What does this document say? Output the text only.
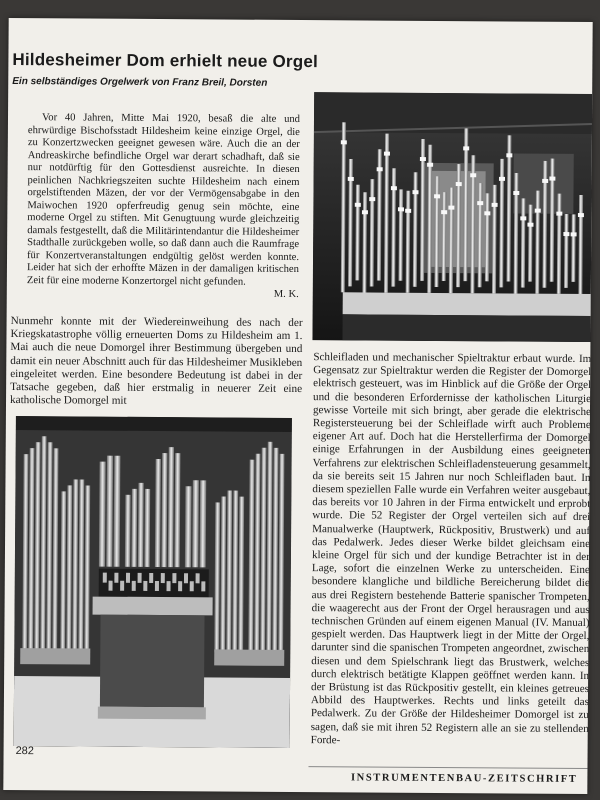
Hildesheimer Dom erhielt neue Orgel

Ein selbständiges Orgelwerk von Franz Breil, Dorsten

Vor 40 Jahren, Mitte Mai 1920, besaß die alte und ehrwürdige Bischofsstadt Hildesheim keine einzige Orgel, die zu Konzertzwecken geeignet gewesen wäre. Auch die an der Andreaskirche befindliche Orgel war derart schadhaft, daß sie nur notdürftig für den Gottesdienst ausreichte. In diesen peinlichen Nachkriegszeiten suchte Hildesheim nach einem orgelstiftenden Mäzen, der vor der Vermögensabgabe in den Maiwochen 1920 opferfreudig genug sein möchte, eine moderne Orgel zu stiften. Mit Genugtuung wurde gleichzeitig damals festgestellt, daß die Militärintendantur die Hildesheimer Stadthalle zurückgeben wolle, so daß dann auch die Raumfrage für Konzertveranstaltungen endgültig gelöst werden konnte. Leider hat sich der erhoffte Mäzen in der damaligen kritischen Zeit für eine moderne Konzertorgel nicht gefunden.
M. K.

Nunmehr konnte mit der Wiedereinweihung des nach der Kriegskatastrophe völlig erneuerten Doms zu Hildesheim am 1. Mai auch die neue Domorgel ihrer Bestimmung übergeben und damit ein neuer Abschnitt auch für das Hildesheimer Musikleben eingeleitet werden. Eine besondere Bedeutung ist dabei in der Tatsache gegeben, daß hier erstmalig in neuerer Zeit eine katholische Domorgel mit

Schleifladen und mechanischer Spieltraktur erbaut wurde. Im Gegensatz zur Spieltraktur werden die Register der Domorgel elektrisch gesteuert, was im Hinblick auf die Größe der Orgel und die besonderen Erfordernisse der katholischen Liturgie gewisse Vorteile mit sich bringt, aber gerade die elektrische Registersteuerung bei der Schleiflade wirft auch Probleme eigener Art auf. Doch hat die Herstellerfirma der Domorgel einige Erfahrungen in der Ausbildung eines geeigneten Verfahrens zur elektrischen Schleifladensteuerung gesammelt, da sie bereits seit 15 Jahren nur noch Schleifladen baut. In diesem speziellen Falle wurde ein Verfahren weiter ausgebaut, das bereits vor 10 Jahren in der Firma entwickelt und erprobt wurde. Die 52 Register der Orgel verteilen sich auf drei Manualwerke (Hauptwerk, Rückpositiv, Brustwerk) und auf das Pedalwerk. Jedes dieser Werke bildet gleichsam eine kleine Orgel für sich und der kundige Betrachter ist in der Lage, sofort die einzelnen Werke zu unterscheiden. Eine besondere klangliche und bildliche Bereicherung bildet die aus drei Registern bestehende Batterie spanischer Trompeten, die waagerecht aus der Front der Orgel herausragen und aus technischen Gründen auf einem eigenen Manual (IV. Manual) gespielt werden. Das Hauptwerk liegt in der Mitte der Orgel, darunter sind die spanischen Trompeten angeordnet, zwischen diesen und dem Spielschrank liegt das Brustwerk, welches durch elektrisch betätigte Klappen geöffnet werden kann. In der Brüstung ist das Rückpositiv gestellt, ein kleines getreues Abbild des Hauptwerkes. Rechts und links geteilt das Pedalwerk. Zu der Größe der Hildesheimer Domorgel ist zu sagen, daß sie mit ihren 52 Registern alle an sie zu stellenden Forde-

282

INSTRUMENTENBAU-ZEITSCHRIFT
